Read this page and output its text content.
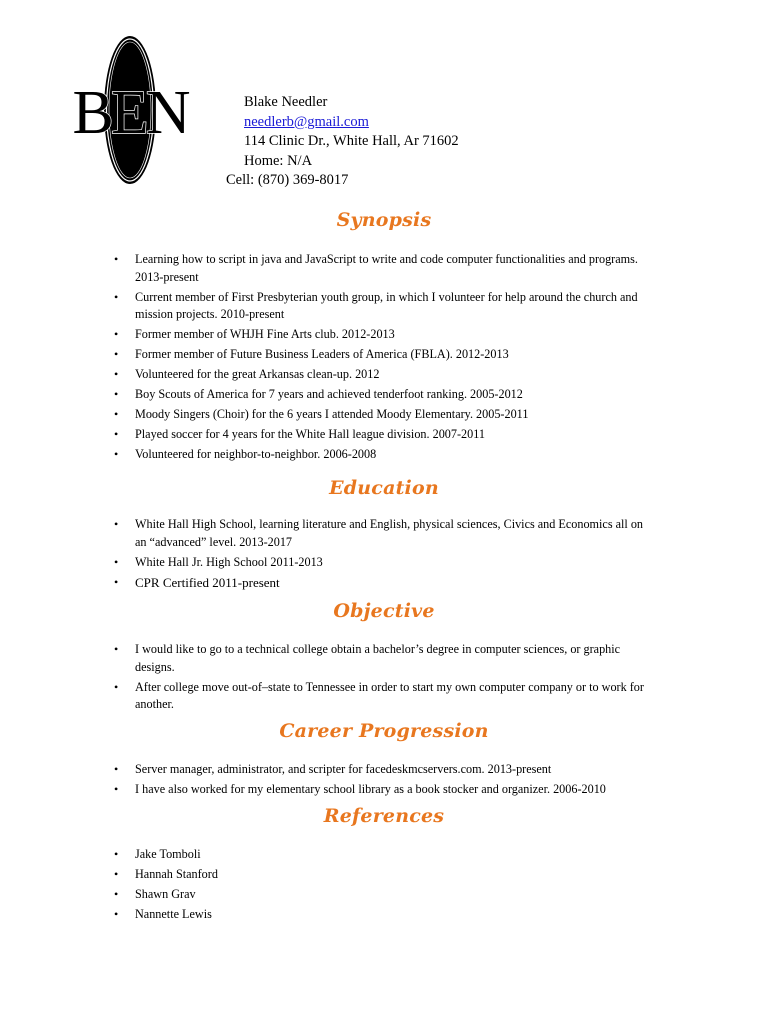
BEN	Blake Needler
needlerb@gmail.com
114 Clinic Dr., White Hall, Ar 71602
Home: N/A
Cell: (870) 369-8017
Synopsis
• Learning how to script in java and JavaScript to write and code computer functionalities and programs. 2013-present
• Current member of First Presbyterian youth group, in which I volunteer for help around the church and mission projects. 2010-present
• Former member of WHJH Fine Arts club. 2012-2013
• Former member of Future Business Leaders of America (FBLA). 2012-2013
• Volunteered for the great Arkansas clean-up. 2012
• Boy Scouts of America for 7 years and achieved tenderfoot ranking. 2005-2012
• Moody Singers (Choir) for the 6 years I attended Moody Elementary. 2005-2011
• Played soccer for 4 years for the White Hall league division. 2007-2011
• Volunteered for neighbor-to-neighbor. 2006-2008
Education
• White Hall High School, learning literature and English, physical sciences, Civics and Economics all on an “advanced” level. 2013-2017
• White Hall Jr. High School 2011-2013
• CPR Certified 2011-present
Objective
• I would like to go to a technical college obtain a bachelor’s degree in computer sciences, or graphic designs.
• After college move out-of–state to Tennessee in order to start my own computer company or to work for another.
Career Progression
• Server manager, administrator, and scripter for facedeskmcservers.com. 2013-present
• I have also worked for my elementary school library as a book stocker and organizer. 2006-2010
References
• Jake Tomboli
• Hannah Stanford
• Shawn Grav
• Nannette Lewis
